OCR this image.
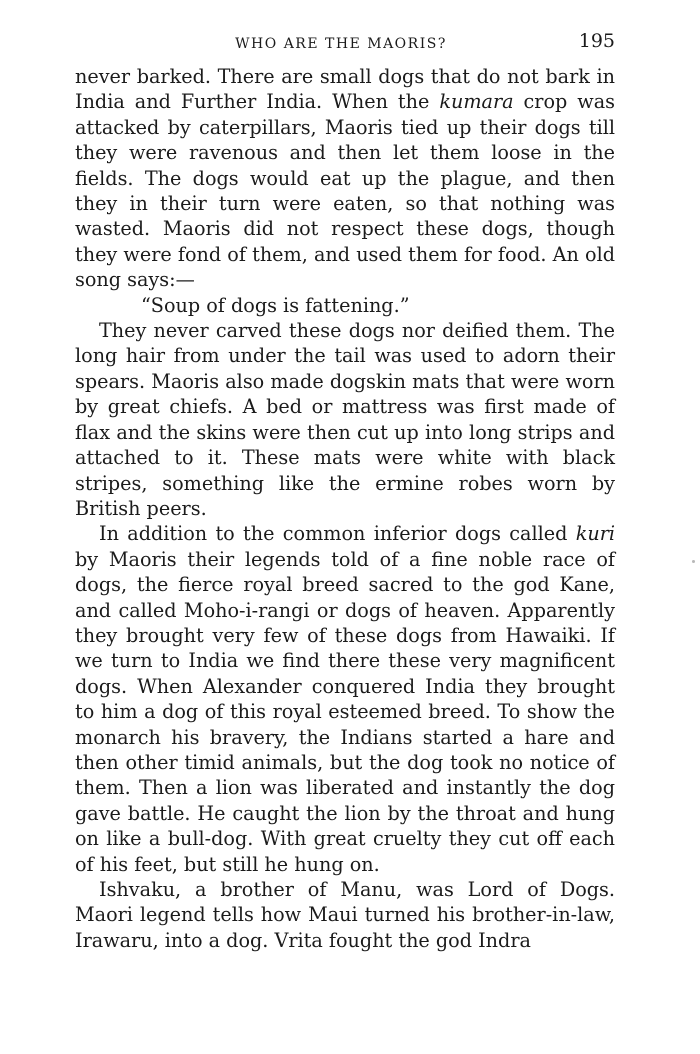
WHO ARE THE MAORIS?	195

never barked. There are small dogs that do not bark in India and Further India. When the kumara crop was attacked by caterpillars, Maoris tied up their dogs till they were ravenous and then let them loose in the fields. The dogs would eat up the plague, and then they in their turn were eaten, so that nothing was wasted. Maoris did not respect these dogs, though they were fond of them, and used them for food. An old song says:—

“Soup of dogs is fattening.”

They never carved these dogs nor deified them. The long hair from under the tail was used to adorn their spears. Maoris also made dogskin mats that were worn by great chiefs. A bed or mattress was first made of flax and the skins were then cut up into long strips and attached to it. These mats were white with black stripes, something like the ermine robes worn by British peers.

In addition to the common inferior dogs called kuri by Maoris their legends told of a fine noble race of dogs, the fierce royal breed sacred to the god Kane, and called Moho-i-rangi or dogs of heaven. Apparently they brought very few of these dogs from Hawaiki. If we turn to India we find there these very magnificent dogs. When Alexander conquered India they brought to him a dog of this royal esteemed breed. To show the monarch his bravery, the Indians started a hare and then other timid animals, but the dog took no notice of them. Then a lion was liberated and instantly the dog gave battle. He caught the lion by the throat and hung on like a bull-dog. With great cruelty they cut off each of his feet, but still he hung on.

Ishvaku, a brother of Manu, was Lord of Dogs. Maori legend tells how Maui turned his brother-in-law, Irawaru, into a dog. Vrita fought the god Indra
